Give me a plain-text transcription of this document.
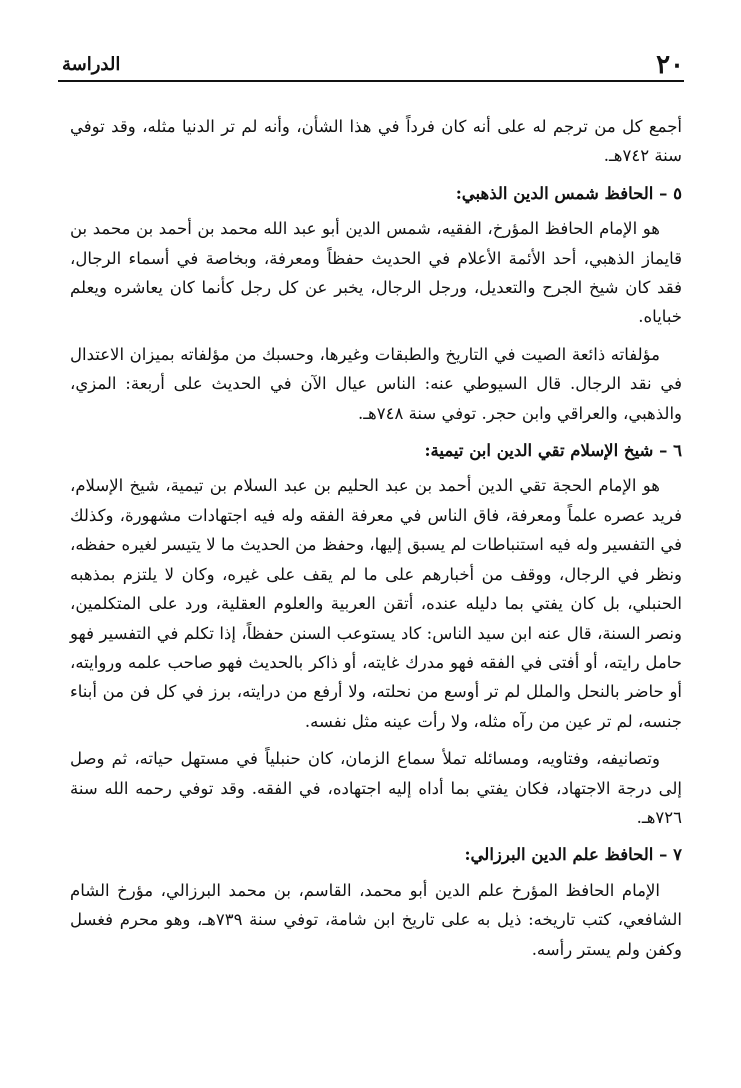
٢٠
الدراسة

أجمع كل من ترجم له على أنه كان فرداً في هذا الشأن، وأنه لم تر الدنيا مثله، وقد توفي سنة ٧٤٢هـ.

٥ – الحافظ شمس الدين الذهبي:

هو الإمام الحافظ المؤرخ، الفقيه، شمس الدين أبو عبد الله محمد بن أحمد بن محمد بن قايماز الذهبي، أحد الأئمة الأعلام في الحديث حفظاً ومعرفة، وبخاصة في أسماء الرجال، فقد كان شيخ الجرح والتعديل، ورجل الرجال، يخبر عن كل رجل كأنما كان يعاشره ويعلم خباياه.

مؤلفاته ذائعة الصيت في التاريخ والطبقات وغيرها، وحسبك من مؤلفاته بميزان الاعتدال في نقد الرجال. قال السيوطي عنه: الناس عيال الآن في الحديث على أربعة: المزي، والذهبي، والعراقي وابن حجر. توفي سنة ٧٤٨هـ.

٦ – شيخ الإسلام تقي الدين ابن تيمية:

هو الإمام الحجة تقي الدين أحمد بن عبد الحليم بن عبد السلام بن تيمية، شيخ الإسلام، فريد عصره علماً ومعرفة، فاق الناس في معرفة الفقه وله فيه اجتهادات مشهورة، وكذلك في التفسير وله فيه استنباطات لم يسبق إليها، وحفظ من الحديث ما لا يتيسر لغيره حفظه، ونظر في الرجال، ووقف من أخبارهم على ما لم يقف على غيره، وكان لا يلتزم بمذهبه الحنبلي، بل كان يفتي بما دليله عنده، أتقن العربية والعلوم العقلية، ورد على المتكلمين، ونصر السنة، قال عنه ابن سيد الناس: كاد يستوعب السنن حفظاً، إذا تكلم في التفسير فهو حامل رايته، أو أفتى في الفقه فهو مدرك غايته، أو ذاكر بالحديث فهو صاحب علمه وروايته، أو حاضر بالنحل والملل لم تر أوسع من نحلته، ولا أرفع من درايته، برز في كل فن من أبناء جنسه، لم تر عين من رآه مثله، ولا رأت عينه مثل نفسه.

وتصانيفه، وفتاويه، ومسائله تملأ سماع الزمان، كان حنبلياً في مستهل حياته، ثم وصل إلى درجة الاجتهاد، فكان يفتي بما أداه إليه اجتهاده، في الفقه. وقد توفي رحمه الله سنة ٧٢٦هـ.

٧ – الحافظ علم الدين البرزالي:

الإمام الحافظ المؤرخ علم الدين أبو محمد، القاسم، بن محمد البرزالي، مؤرخ الشام الشافعي، كتب تاريخه: ذيل به على تاريخ ابن شامة، توفي سنة ٧٣٩هـ، وهو محرم فغسل وكفن ولم يستر رأسه.
